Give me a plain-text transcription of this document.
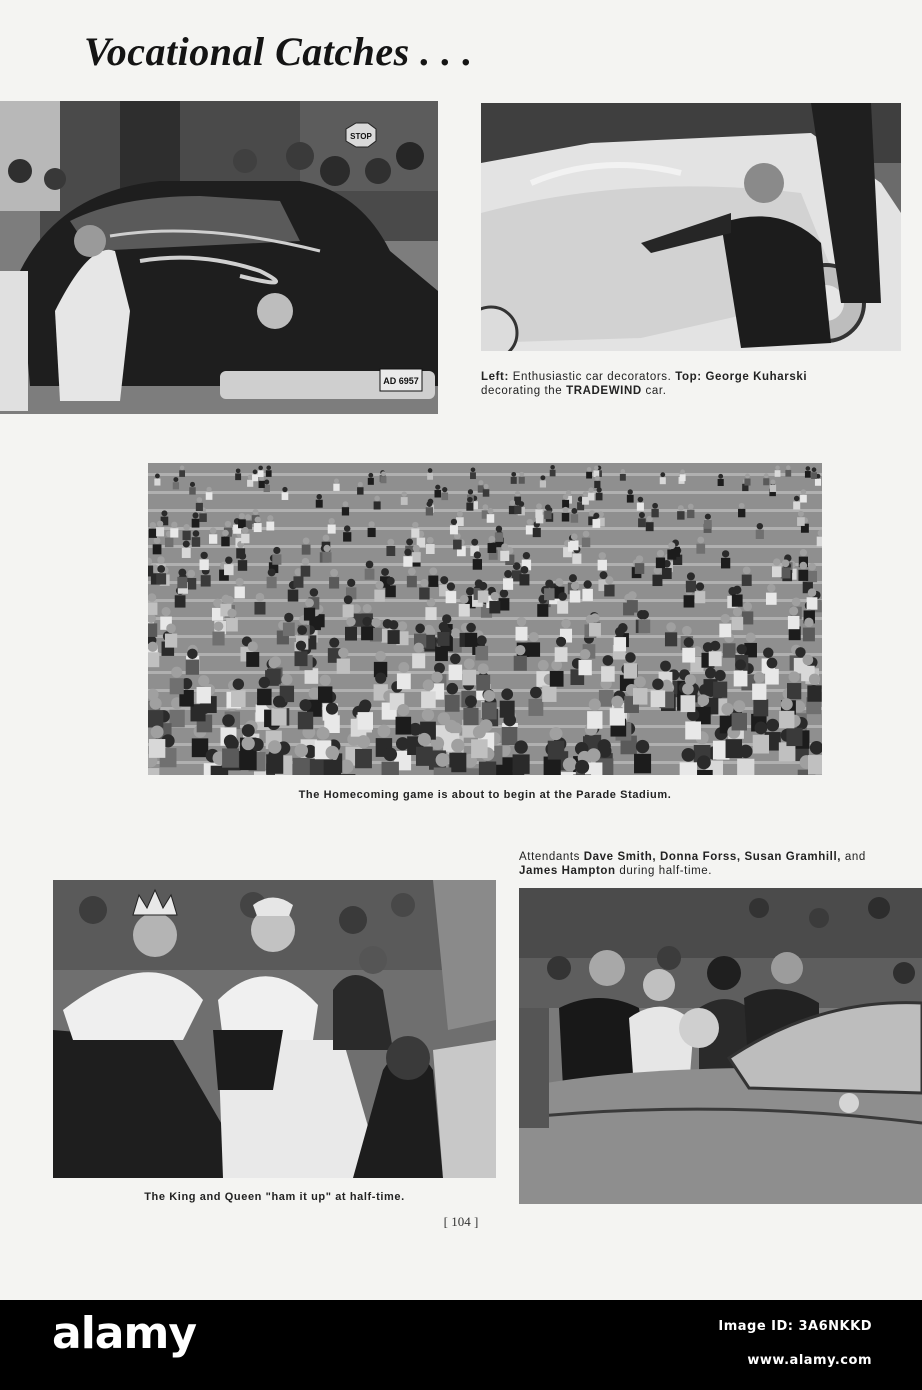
Vocational Catches . . .
STOP
AD 6957	Left: Enthusiastic car decorators. Top: George Kuharski
decorating the TRADEWIND car.

The Homecoming game is about to begin at the Parade Stadium.

Attendants Dave Smith, Donna Forss, Susan Gramhill, and
James Hampton during half-time.

The King and Queen "ham it up" at half-time.

[ 104 ]
alamy	Image ID: 3A6NKKD
www.alamy.com
